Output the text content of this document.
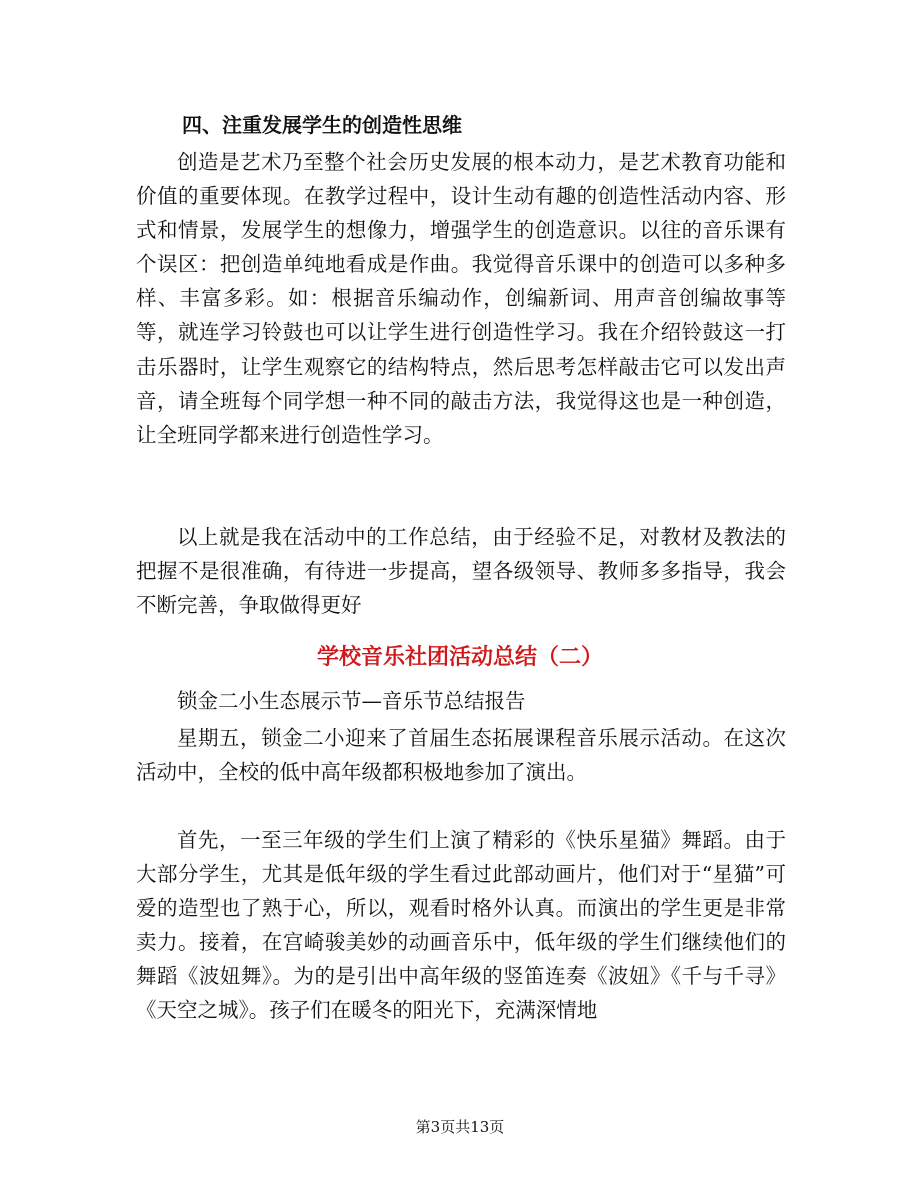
四、注重发展学生的创造性思维

创造是艺术乃至整个社会历史发展的根本动力，是艺术教育功能和价值的重要体现。在教学过程中，设计生动有趣的创造性活动内容、形式和情景，发展学生的想像力，增强学生的创造意识。以往的音乐课有个误区：把创造单纯地看成是作曲。我觉得音乐课中的创造可以多种多样、丰富多彩。如：根据音乐编动作，创编新词、用声音创编故事等等，就连学习铃鼓也可以让学生进行创造性学习。我在介绍铃鼓这一打击乐器时，让学生观察它的结构特点，然后思考怎样敲击它可以发出声音，请全班每个同学想一种不同的敲击方法，我觉得这也是一种创造，让全班同学都来进行创造性学习。

以上就是我在活动中的工作总结，由于经验不足，对教材及教法的把握不是很准确，有待进一步提高，望各级领导、教师多多指导，我会不断完善，争取做得更好

学校音乐社团活动总结（二）
锁金二小生态展示节—音乐节总结报告

星期五，锁金二小迎来了首届生态拓展课程音乐展示活动。在这次活动中，全校的低中高年级都积极地参加了演出。

首先，一至三年级的学生们上演了精彩的《快乐星猫》舞蹈。由于大部分学生，尤其是低年级的学生看过此部动画片，他们对于“星猫”可爱的造型也了熟于心，所以，观看时格外认真。而演出的学生更是非常卖力。接着，在宫崎骏美妙的动画音乐中，低年级的学生们继续他们的舞蹈《波妞舞》。为的是引出中高年级的竖笛连奏《波妞》《千与千寻》《天空之城》。孩子们在暖冬的阳光下，充满深情地

第3页共13页
